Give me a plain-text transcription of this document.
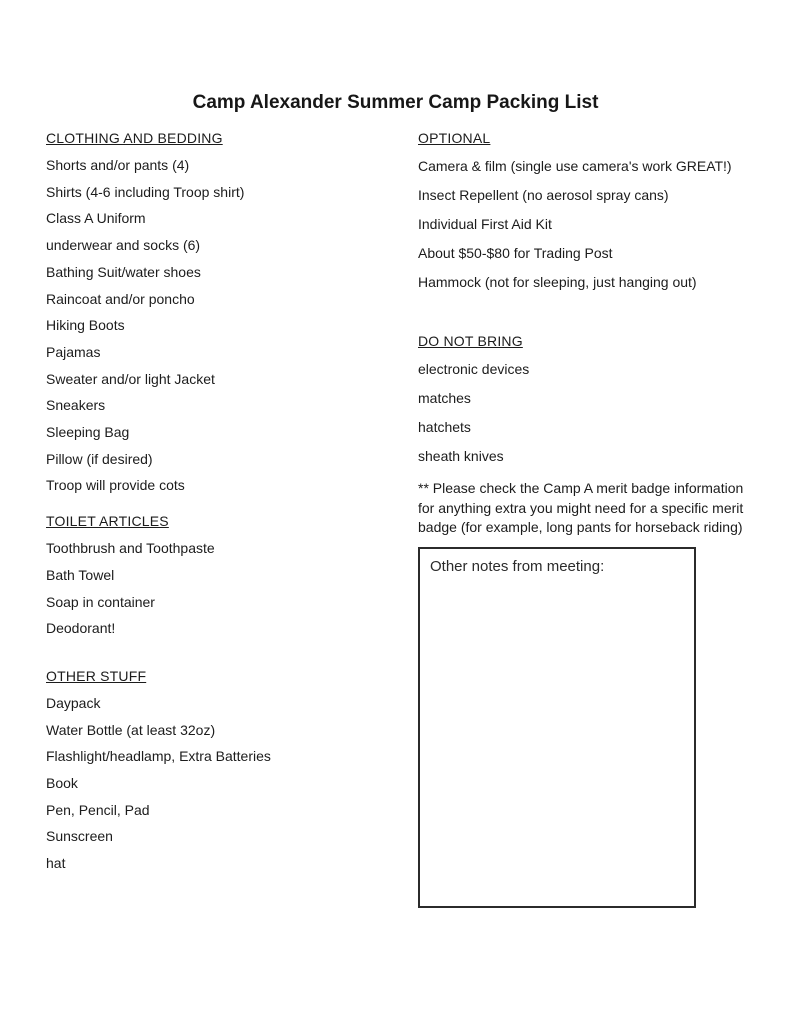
Camp Alexander Summer Camp Packing List
CLOTHING AND BEDDING
Shorts and/or pants (4)
Shirts (4-6 including Troop shirt)
Class A Uniform
underwear and socks (6)
Bathing Suit/water shoes
Raincoat and/or poncho
Hiking Boots
Pajamas
Sweater and/or light Jacket
Sneakers
Sleeping Bag
Pillow (if desired)
Troop will provide cots
TOILET ARTICLES
Toothbrush and Toothpaste
Bath Towel
Soap in container
Deodorant!
OTHER STUFF
Daypack
Water Bottle (at least 32oz)
Flashlight/headlamp, Extra Batteries
Book
Pen, Pencil, Pad
Sunscreen
hat
OPTIONAL
Camera & film (single use camera's work GREAT!)
Insect Repellent (no aerosol spray cans)
Individual First Aid Kit
About $50-$80 for Trading Post
Hammock (not for sleeping, just hanging out)
DO NOT BRING
electronic devices
matches
hatchets
sheath knives
** Please check the Camp A merit badge information for anything extra you might need for a specific merit badge (for example, long pants for horseback riding)
Other notes from meeting:
